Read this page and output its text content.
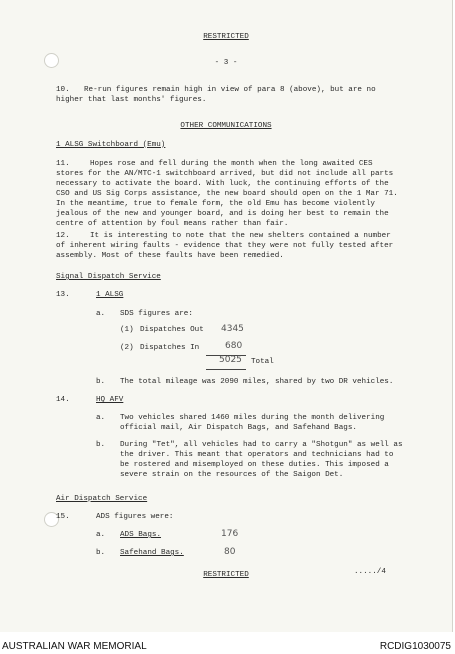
RESTRICTED
- 3 -
10. Re-run figures remain high in view of para 8 (above), but are no
higher that last months' figures.
OTHER COMMUNICATIONS
1 ALSG Switchboard (Emu)
11.	Hopes rose and fell during the month when the long awaited CES
stores for the AN/MTC-1 switchboard arrived, but did not include all parts
necessary to activate the board. With luck, the continuing efforts of the
CSO and US Sig Corps assistance, the new board should open on the 1 Mar 71.
In the meantime, true to female form, the old Emu has become violently
jealous of the new and younger board, and is doing her best to remain the
centre of attention by foul means rather than fair.
12.	It is interesting to note that the new shelters contained a number
of inherent wiring faults - evidence that they were not fully tested after
assembly. Most of these faults have been remedied.
Signal Dispatch Service
13.	1 ALSG
a. SDS figures are:
(1) Dispatches Out 4345
(2) Dispatches In	680
5025 Total
b. The total mileage was 2090 miles, shared by two DR vehicles.
14.	HQ AFV
a. Two vehicles shared 1460 miles during the month delivering
official mail, Air Dispatch Bags, and Safehand Bags.
b. During "Tet", all vehicles had to carry a "Shotgun" as well as
the driver. This meant that operators and technicians had to
be rostered and misemployed on these duties. This imposed a
severe strain on the resources of the Saigon Det.
Air Dispatch Service
15.	ADS figures were:
a. ADS Bags.	176
b. Safehand Bags.	80
RESTRICTED	...../4
AUSTRALIAN WAR MEMORIAL	RCDIG1030075
